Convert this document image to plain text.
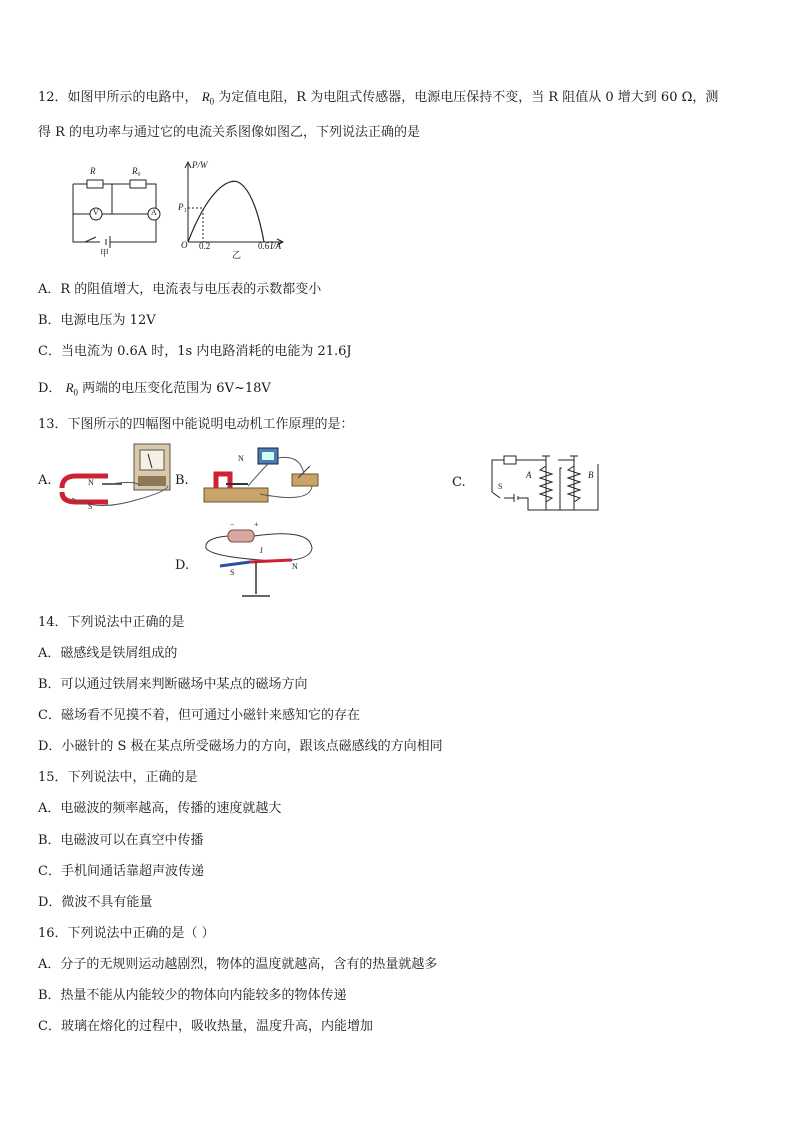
12．如图甲所示的电路中， $R_0$ 为定值电阻，R 为电阻式传感器，电源电压保持不变，当 R 阻值从 0 增大到 60 Ω，测
得 R 的电功率与通过它的电流关系图像如图乙，下列说法正确的是
R	R₀
V	A
甲
P/W
P₁
O 0.2	0.6 I/A
乙
A．R 的阻值增大，电流表与电压表的示数都变小
B．电源电压为 12V
C．当电流为 0.6A 时，1s 内电路消耗的电能为 21.6J
D． $R_0$ 两端的电压变化范围为 6V~18V
13．下图所示的四幅图中能说明电动机工作原理的是：
A.	N
S
B.
N
C.	A	B
S
D.
− +
I
S
N
14．下列说法中正确的是
A．磁感线是铁屑组成的
B．可以通过铁屑来判断磁场中某点的磁场方向
C．磁场看不见摸不着，但可通过小磁针来感知它的存在
D．小磁针的 S 极在某点所受磁场力的方向，跟该点磁感线的方向相同
15．下列说法中，正确的是
A．电磁波的频率越高，传播的速度就越大
B．电磁波可以在真空中传播
C．手机间通话靠超声波传递
D．微波不具有能量
16．下列说法中正确的是（ ）
A．分子的无规则运动越剧烈，物体的温度就越高，含有的热量就越多
B．热量不能从内能较少的物体向内能较多的物体传递
C．玻璃在熔化的过程中，吸收热量，温度升高，内能增加
